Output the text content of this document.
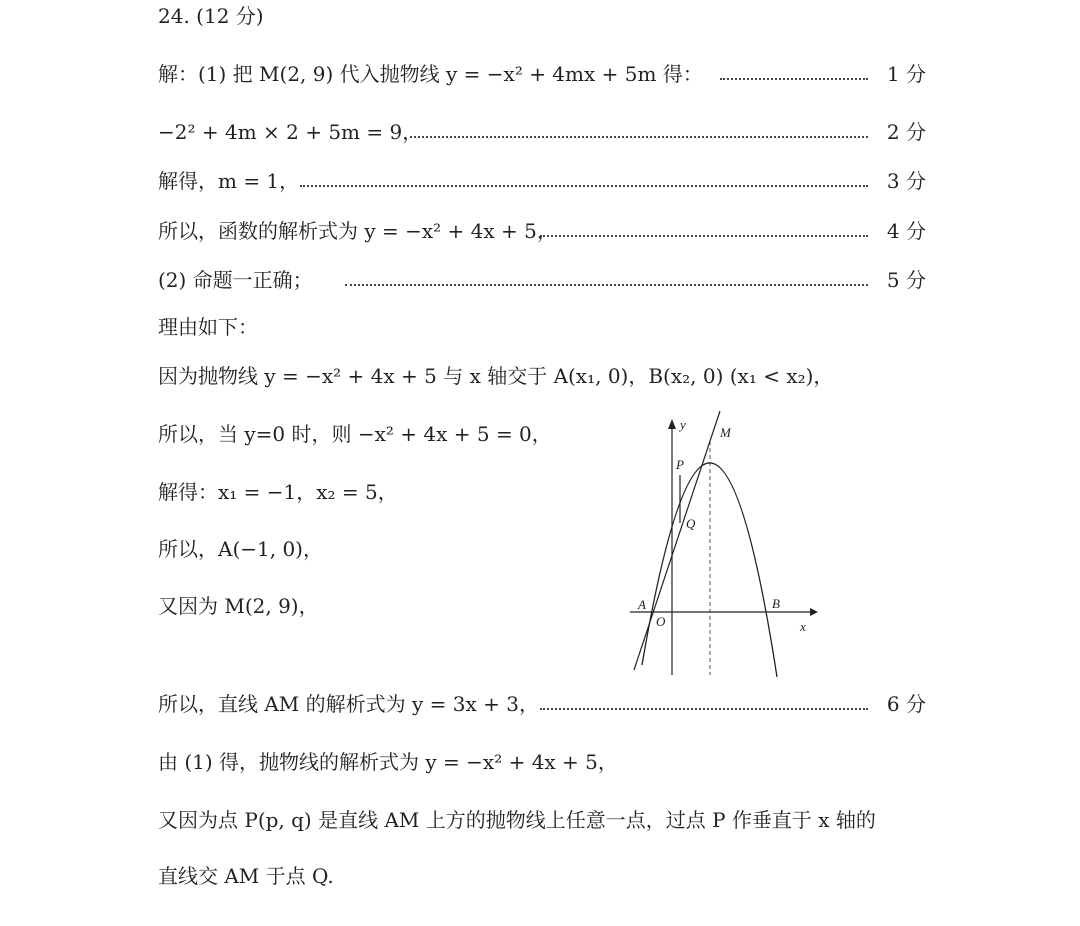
24. (12 分)
解：(1) 把 M(2, 9) 代入抛物线 y = −x² + 4mx + 5m 得：	1 分
−2² + 4m × 2 + 5m = 9，	2 分
解得，m = 1，	3 分
所以，函数的解析式为 y = −x² + 4x + 5，	4 分
(2) 命题一正确；	5 分
理由如下：
因为抛物线 y = −x² + 4x + 5 与 x 轴交于 A(x₁, 0)，B(x₂, 0) (x₁ < x₂)，
所以，当 y=0 时，则 −x² + 4x + 5 = 0，
解得：x₁ = −1，x₂ = 5，
所以，A(−1, 0)，
又因为 M(2, 9)，
所以，直线 AM 的解析式为 y = 3x + 3，	6 分
由 (1) 得，抛物线的解析式为 y = −x² + 4x + 5，
又因为点 P(p, q) 是直线 AM 上方的抛物线上任意一点，过点 P 作垂直于 x 轴的
直线交 AM 于点 Q.
y
M
P
Q
A
O
B
x
